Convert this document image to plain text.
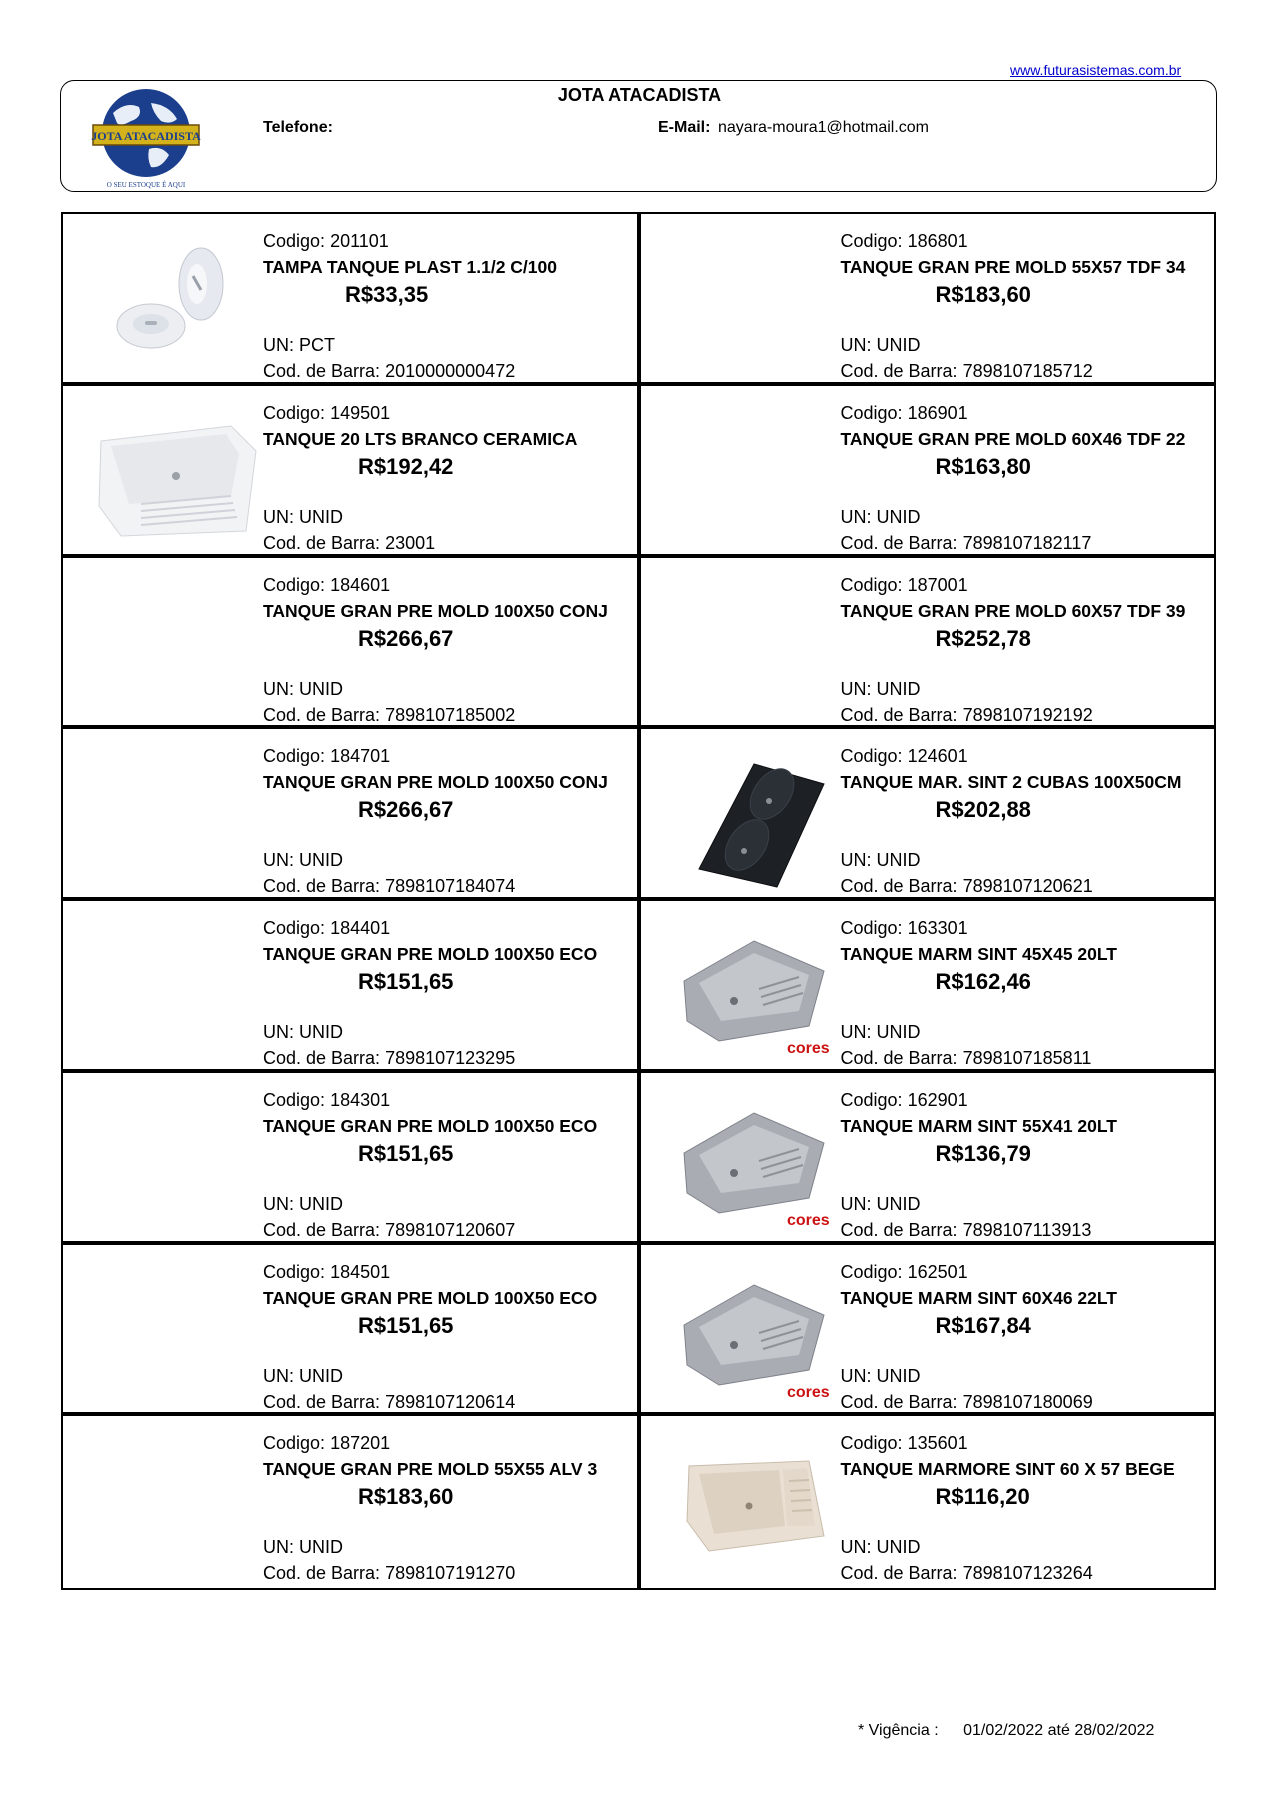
www.futurasistemas.com.br
JOTA ATACADISTA
O SEU ESTOQUE É AQUI
JOTA ATACADISTA
Telefone:	E-Mail: nayara-moura1@hotmail.com
Codigo: 201101
TAMPA TANQUE PLAST 1.1/2 C/100
R$33,35
UN: PCT
Cod. de Barra: 2010000000472
Codigo: 186801
TANQUE GRAN PRE MOLD 55X57 TDF 34
R$183,60
UN: UNID
Cod. de Barra: 7898107185712
Codigo: 149501
TANQUE 20 LTS BRANCO CERAMICA
R$192,42
UN: UNID
Cod. de Barra: 23001
Codigo: 186901
TANQUE GRAN PRE MOLD 60X46 TDF 22
R$163,80
UN: UNID
Cod. de Barra: 7898107182117
Codigo: 184601
TANQUE GRAN PRE MOLD 100X50 CONJ
R$266,67
UN: UNID
Cod. de Barra: 7898107185002
Codigo: 187001
TANQUE GRAN PRE MOLD 60X57 TDF 39
R$252,78
UN: UNID
Cod. de Barra: 7898107192192
Codigo: 184701
TANQUE GRAN PRE MOLD 100X50 CONJ
R$266,67
UN: UNID
Cod. de Barra: 7898107184074
Codigo: 124601
TANQUE MAR. SINT 2 CUBAS 100X50CM
R$202,88
UN: UNID
Cod. de Barra: 7898107120621
Codigo: 184401
TANQUE GRAN PRE MOLD 100X50 ECO
R$151,65
UN: UNID
Cod. de Barra: 7898107123295	cores
Codigo: 163301
TANQUE MARM SINT 45X45 20LT
R$162,46
UN: UNID
Cod. de Barra: 7898107185811
Codigo: 184301
TANQUE GRAN PRE MOLD 100X50 ECO
R$151,65
UN: UNID
Cod. de Barra: 7898107120607	cores
Codigo: 162901
TANQUE MARM SINT 55X41 20LT
R$136,79
UN: UNID
Cod. de Barra: 7898107113913
Codigo: 184501
TANQUE GRAN PRE MOLD 100X50 ECO
R$151,65
UN: UNID
Cod. de Barra: 7898107120614	cores
Codigo: 162501
TANQUE MARM SINT 60X46 22LT
R$167,84
UN: UNID
Cod. de Barra: 7898107180069
Codigo: 187201
TANQUE GRAN PRE MOLD 55X55 ALV 3
R$183,60
UN: UNID
Cod. de Barra: 7898107191270
Codigo: 135601
TANQUE MARMORE SINT 60 X 57 BEGE
R$116,20
UN: UNID
Cod. de Barra: 7898107123264
* Vigência : 01/02/2022 até 28/02/2022
